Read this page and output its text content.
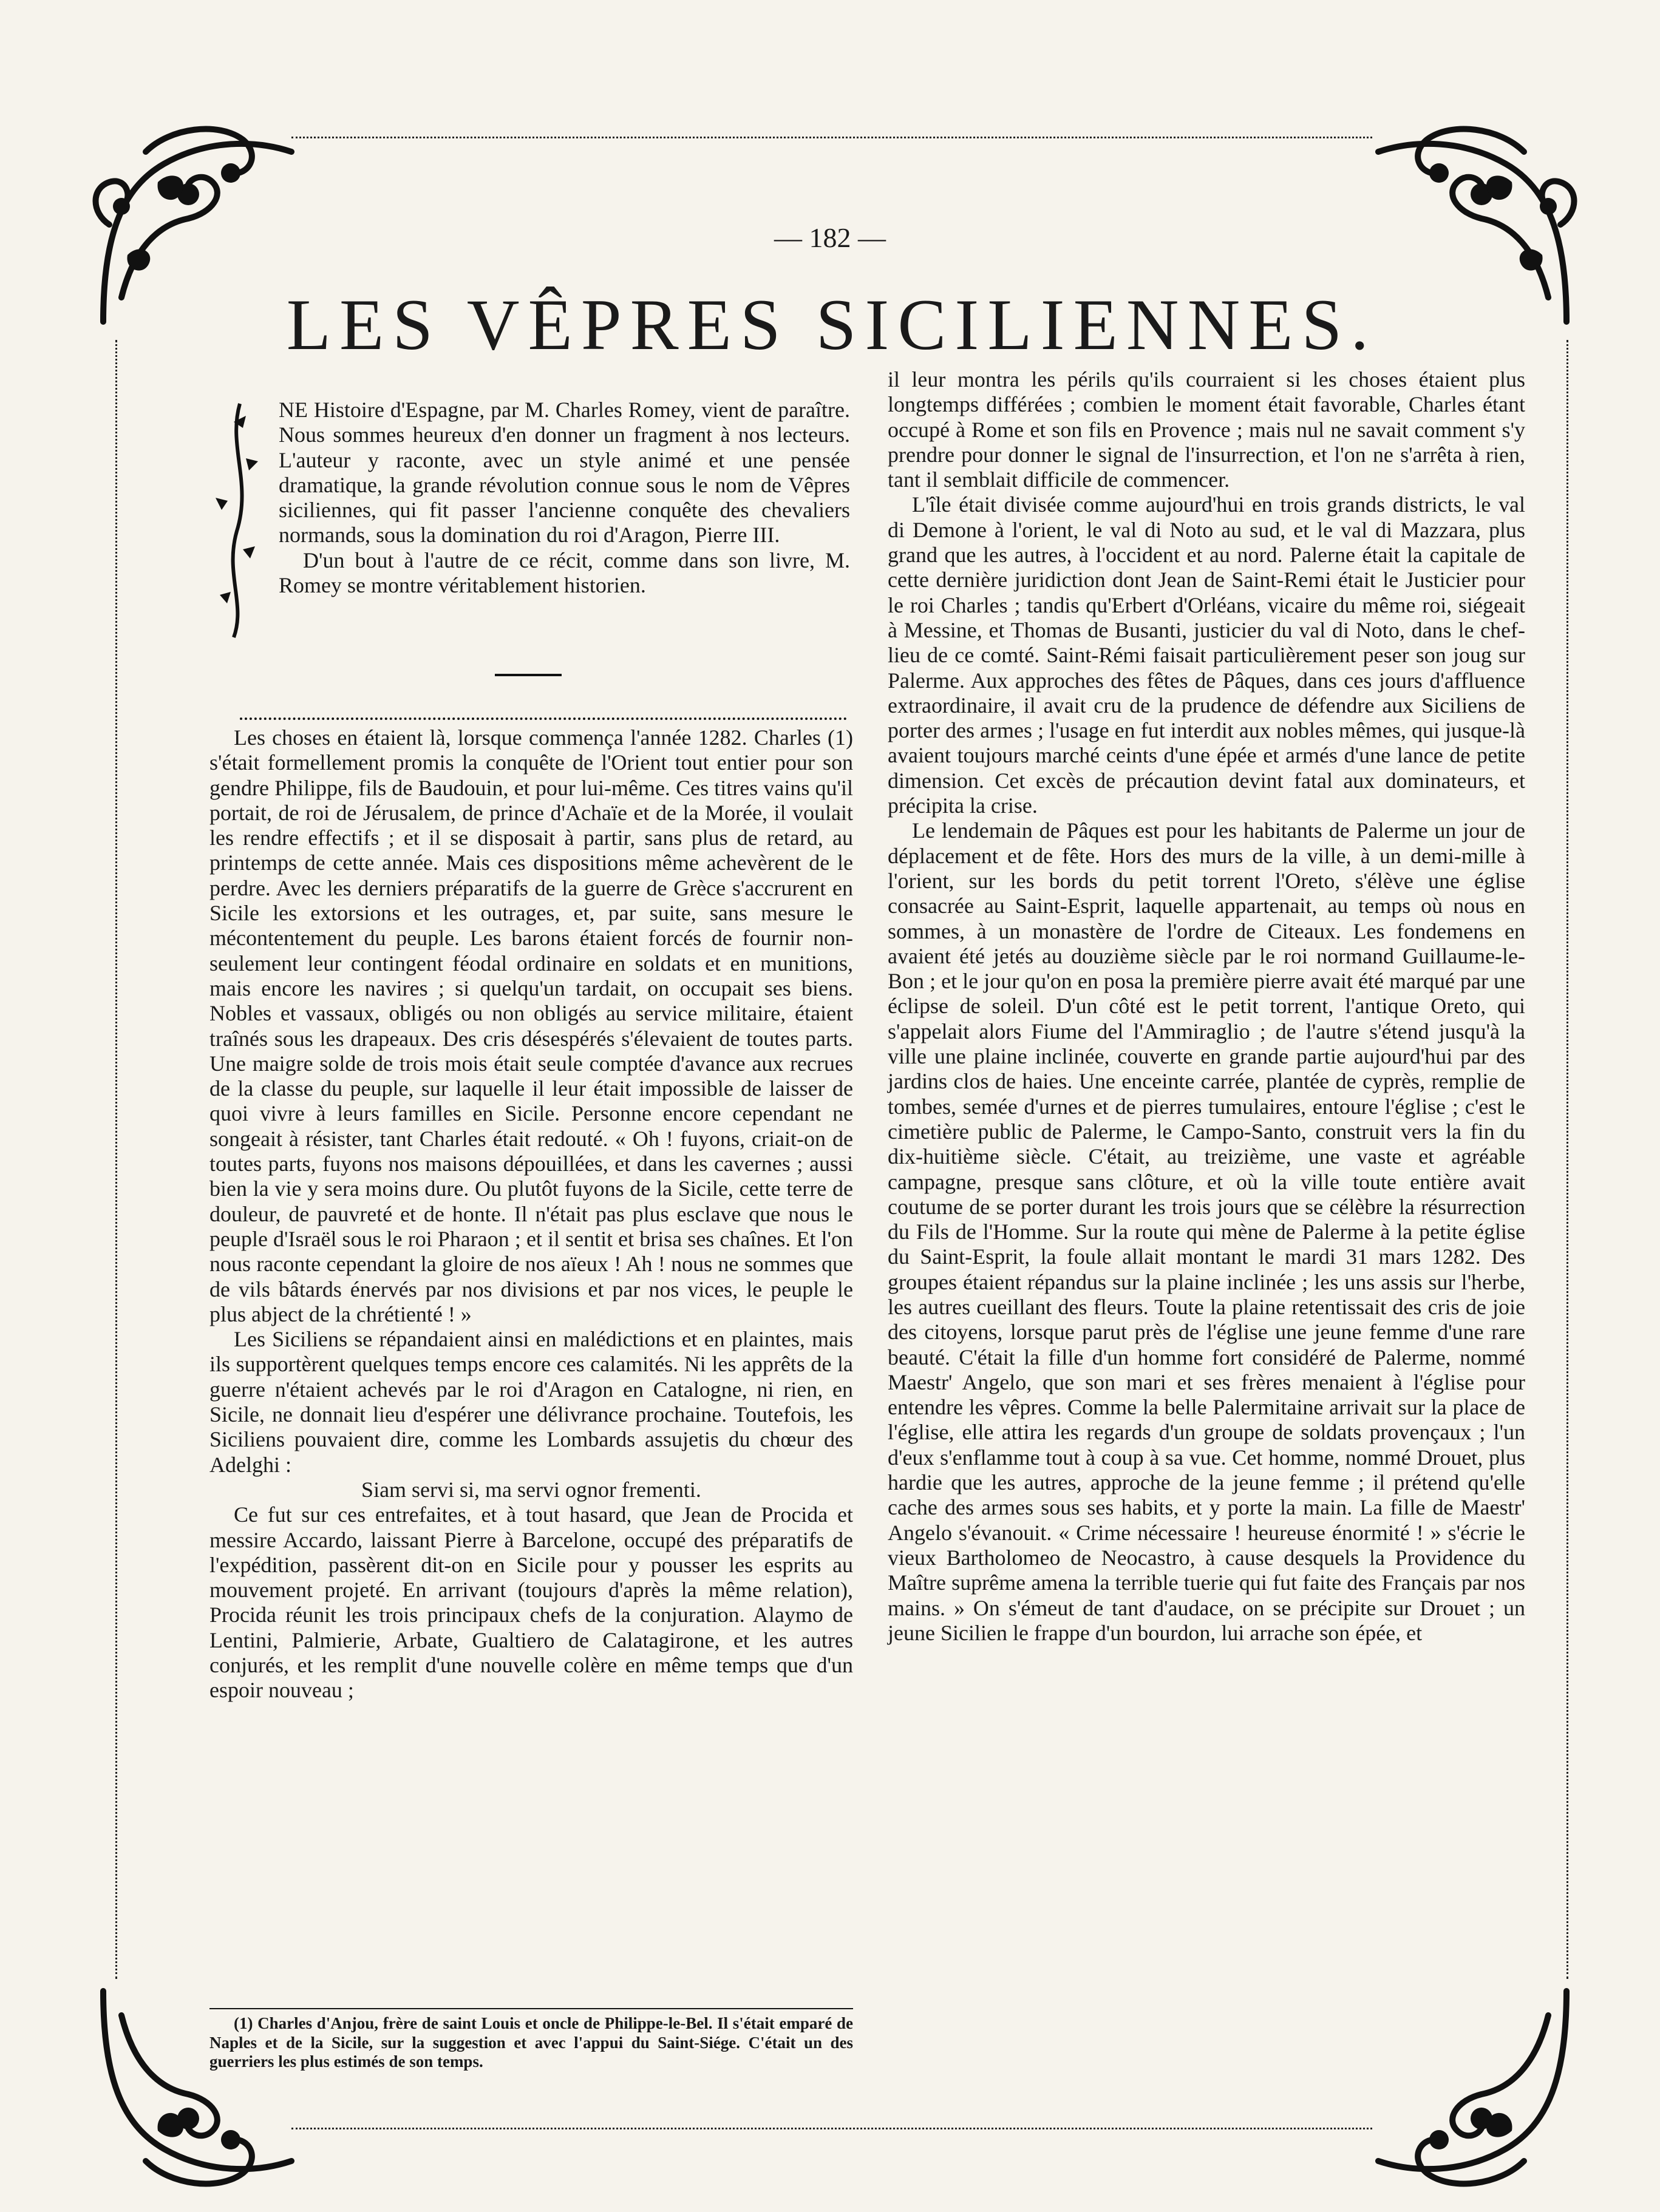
— 182 —
LES VÊPRES SICILIENNES.

NE Histoire d'Espagne, par M. Charles Romey, vient de paraître. Nous sommes heureux d'en donner un fragment à nos lecteurs. L'auteur y raconte, avec un style animé et une pensée dramatique, la grande révolution connue sous le nom de Vêpres siciliennes, qui fit passer l'ancienne conquête des chevaliers normands, sous la domination du roi d'Aragon, Pierre III.

D'un bout à l'autre de ce récit, comme dans son livre, M. Romey se montre véritablement historien.

Les choses en étaient là, lorsque commença l'année 1282. Charles (1) s'était formellement promis la conquête de l'Orient tout entier pour son gendre Philippe, fils de Baudouin, et pour lui-même. Ces titres vains qu'il portait, de roi de Jérusalem, de prince d'Achaïe et de la Morée, il voulait les rendre effectifs ; et il se disposait à partir, sans plus de retard, au printemps de cette année. Mais ces dispositions même achevèrent de le perdre. Avec les derniers préparatifs de la guerre de Grèce s'accrurent en Sicile les extorsions et les outrages, et, par suite, sans mesure le mécontentement du peuple. Les barons étaient forcés de fournir non-seulement leur contingent féodal ordinaire en soldats et en munitions, mais encore les navires ; si quelqu'un tardait, on occupait ses biens. Nobles et vassaux, obligés ou non obligés au service militaire, étaient traînés sous les drapeaux. Des cris désespérés s'élevaient de toutes parts. Une maigre solde de trois mois était seule comptée d'avance aux recrues de la classe du peuple, sur laquelle il leur était impossible de laisser de quoi vivre à leurs familles en Sicile. Personne encore cependant ne songeait à résister, tant Charles était redouté. « Oh ! fuyons, criait-on de toutes parts, fuyons nos maisons dépouillées, et dans les cavernes ; aussi bien la vie y sera moins dure. Ou plutôt fuyons de la Sicile, cette terre de douleur, de pauvreté et de honte. Il n'était pas plus esclave que nous le peuple d'Israël sous le roi Pharaon ; et il sentit et brisa ses chaînes. Et l'on nous raconte cependant la gloire de nos aïeux ! Ah ! nous ne sommes que de vils bâtards énervés par nos divisions et par nos vices, le peuple le plus abject de la chrétienté ! »

Les Siciliens se répandaient ainsi en malédictions et en plaintes, mais ils supportèrent quelques temps encore ces calamités. Ni les apprêts de la guerre n'étaient achevés par le roi d'Aragon en Catalogne, ni rien, en Sicile, ne donnait lieu d'espérer une délivrance prochaine. Toutefois, les Siciliens pouvaient dire, comme les Lombards assujetis du chœur des Adelghi :

Siam servi si, ma servi ognor frementi.

Ce fut sur ces entrefaites, et à tout hasard, que Jean de Procida et messire Accardo, laissant Pierre à Barcelone, occupé des préparatifs de l'expédition, passèrent dit-on en Sicile pour y pousser les esprits au mouvement projeté. En arrivant (toujours d'après la même relation), Procida réunit les trois principaux chefs de la conjuration. Alaymo de Lentini, Palmierie, Arbate, Gualtiero de Calatagirone, et les autres conjurés, et les remplit d'une nouvelle colère en même temps que d'un espoir nouveau ;

(1) Charles d'Anjou, frère de saint Louis et oncle de Philippe-le-Bel. Il s'était emparé de Naples et de la Sicile, sur la suggestion et avec l'appui du Saint-Siége. C'était un des guerriers les plus estimés de son temps.

il leur montra les périls qu'ils courraient si les choses étaient plus longtemps différées ; combien le moment était favorable, Charles étant occupé à Rome et son fils en Provence ; mais nul ne savait comment s'y prendre pour donner le signal de l'insurrection, et l'on ne s'arrêta à rien, tant il semblait difficile de commencer.

L'île était divisée comme aujourd'hui en trois grands districts, le val di Demone à l'orient, le val di Noto au sud, et le val di Mazzara, plus grand que les autres, à l'occident et au nord. Palerne était la capitale de cette dernière juridiction dont Jean de Saint-Remi était le Justicier pour le roi Charles ; tandis qu'Erbert d'Orléans, vicaire du même roi, siégeait à Messine, et Thomas de Busanti, justicier du val di Noto, dans le chef-lieu de ce comté. Saint-Rémi faisait particulièrement peser son joug sur Palerme. Aux approches des fêtes de Pâques, dans ces jours d'affluence extraordinaire, il avait cru de la prudence de défendre aux Siciliens de porter des armes ; l'usage en fut interdit aux nobles mêmes, qui jusque-là avaient toujours marché ceints d'une épée et armés d'une lance de petite dimension. Cet excès de précaution devint fatal aux dominateurs, et précipita la crise.

Le lendemain de Pâques est pour les habitants de Palerme un jour de déplacement et de fête. Hors des murs de la ville, à un demi-mille à l'orient, sur les bords du petit torrent l'Oreto, s'élève une église consacrée au Saint-Esprit, laquelle appartenait, au temps où nous en sommes, à un monastère de l'ordre de Citeaux. Les fondemens en avaient été jetés au douzième siècle par le roi normand Guillaume-le-Bon ; et le jour qu'on en posa la première pierre avait été marqué par une éclipse de soleil. D'un côté est le petit torrent, l'antique Oreto, qui s'appelait alors Fiume del l'Ammiraglio ; de l'autre s'étend jusqu'à la ville une plaine inclinée, couverte en grande partie aujourd'hui par des jardins clos de haies. Une enceinte carrée, plantée de cyprès, remplie de tombes, semée d'urnes et de pierres tumulaires, entoure l'église ; c'est le cimetière public de Palerme, le Campo-Santo, construit vers la fin du dix-huitième siècle. C'était, au treizième, une vaste et agréable campagne, presque sans clôture, et où la ville toute entière avait coutume de se porter durant les trois jours que se célèbre la résurrection du Fils de l'Homme. Sur la route qui mène de Palerme à la petite église du Saint-Esprit, la foule allait montant le mardi 31 mars 1282. Des groupes étaient répandus sur la plaine inclinée ; les uns assis sur l'herbe, les autres cueillant des fleurs. Toute la plaine retentissait des cris de joie des citoyens, lorsque parut près de l'église une jeune femme d'une rare beauté. C'était la fille d'un homme fort considéré de Palerme, nommé Maestr' Angelo, que son mari et ses frères menaient à l'église pour entendre les vêpres. Comme la belle Palermitaine arrivait sur la place de l'église, elle attira les regards d'un groupe de soldats provençaux ; l'un d'eux s'enflamme tout à coup à sa vue. Cet homme, nommé Drouet, plus hardie que les autres, approche de la jeune femme ; il prétend qu'elle cache des armes sous ses habits, et y porte la main. La fille de Maestr' Angelo s'évanouit. « Crime nécessaire ! heureuse énormité ! » s'écrie le vieux Bartholomeo de Neocastro, à cause desquels la Providence du Maître suprême amena la terrible tuerie qui fut faite des Français par nos mains. » On s'émeut de tant d'audace, on se précipite sur Drouet ; un jeune Sicilien le frappe d'un bourdon, lui arrache son épée, et
